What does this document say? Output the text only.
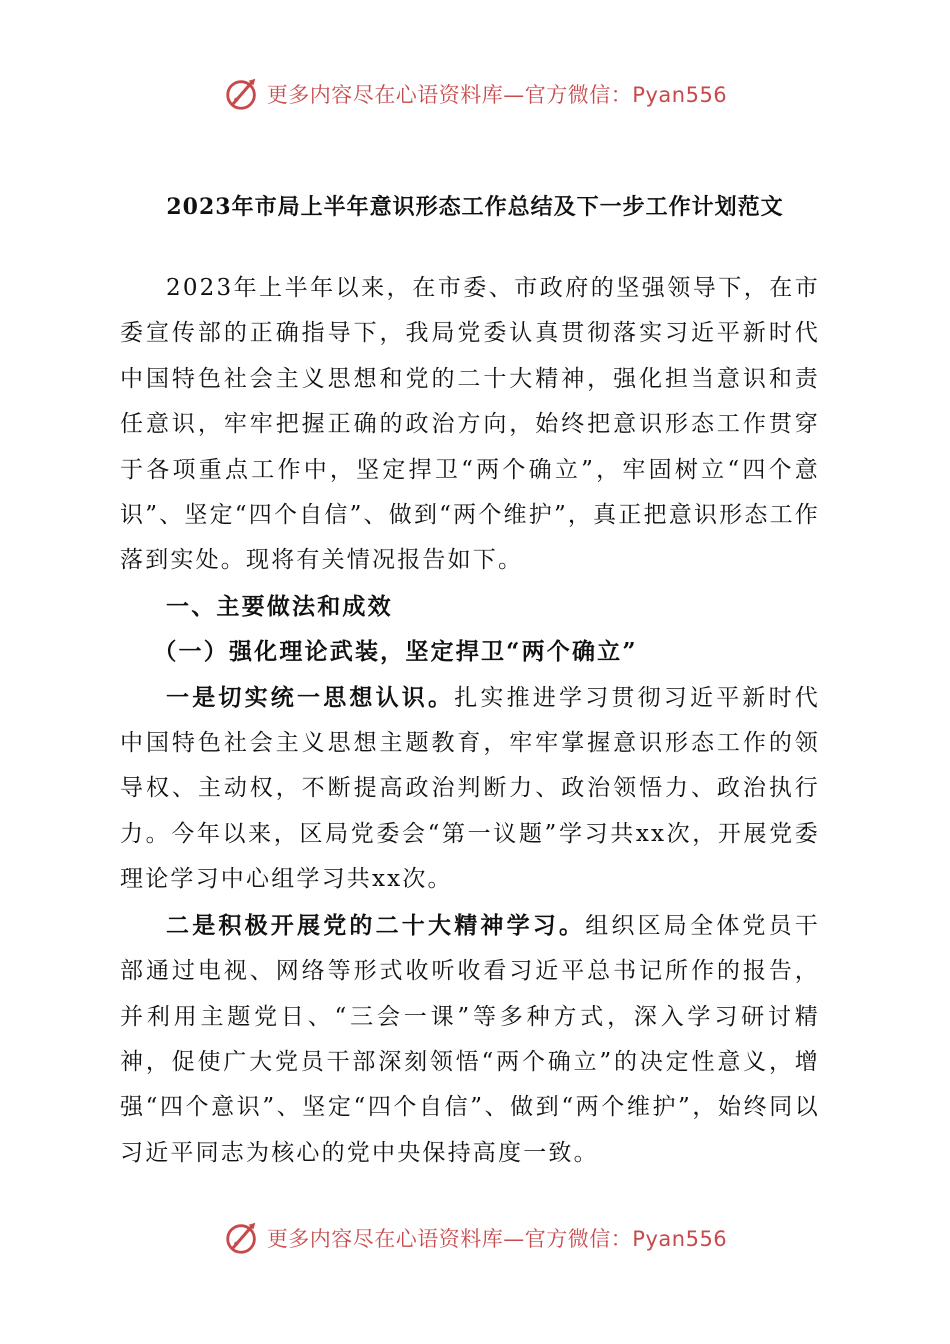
更多内容尽在心语资料库—官方微信：Pyan556
2023年市局上半年意识形态工作总结及下一步工作计划范文

2023年上半年以来，在市委、市政府的坚强领导下，在市委宣传部的正确指导下，我局党委认真贯彻落实习近平新时代中国特色社会主义思想和党的二十大精神，强化担当意识和责任意识，牢牢把握正确的政治方向，始终把意识形态工作贯穿于各项重点工作中，坚定捍卫“两个确立”，牢固树立“四个意识”、坚定“四个自信”、做到“两个维护”，真正把意识形态工作落到实处。现将有关情况报告如下。

一、主要做法和成效

（一）强化理论武装，坚定捍卫“两个确立”

一是切实统一思想认识。扎实推进学习贯彻习近平新时代中国特色社会主义思想主题教育，牢牢掌握意识形态工作的领导权、主动权，不断提高政治判断力、政治领悟力、政治执行力。今年以来，区局党委会“第一议题”学习共xx次，开展党委理论学习中心组学习共xx次。

二是积极开展党的二十大精神学习。组织区局全体党员干部通过电视、网络等形式收听收看习近平总书记所作的报告，并利用主题党日、“三会一课”等多种方式，深入学习研讨精神，促使广大党员干部深刻领悟“两个确立”的决定性意义，增强“四个意识”、坚定“四个自信”、做到“两个维护”，始终同以习近平同志为核心的党中央保持高度一致。

更多内容尽在心语资料库—官方微信：Pyan556
